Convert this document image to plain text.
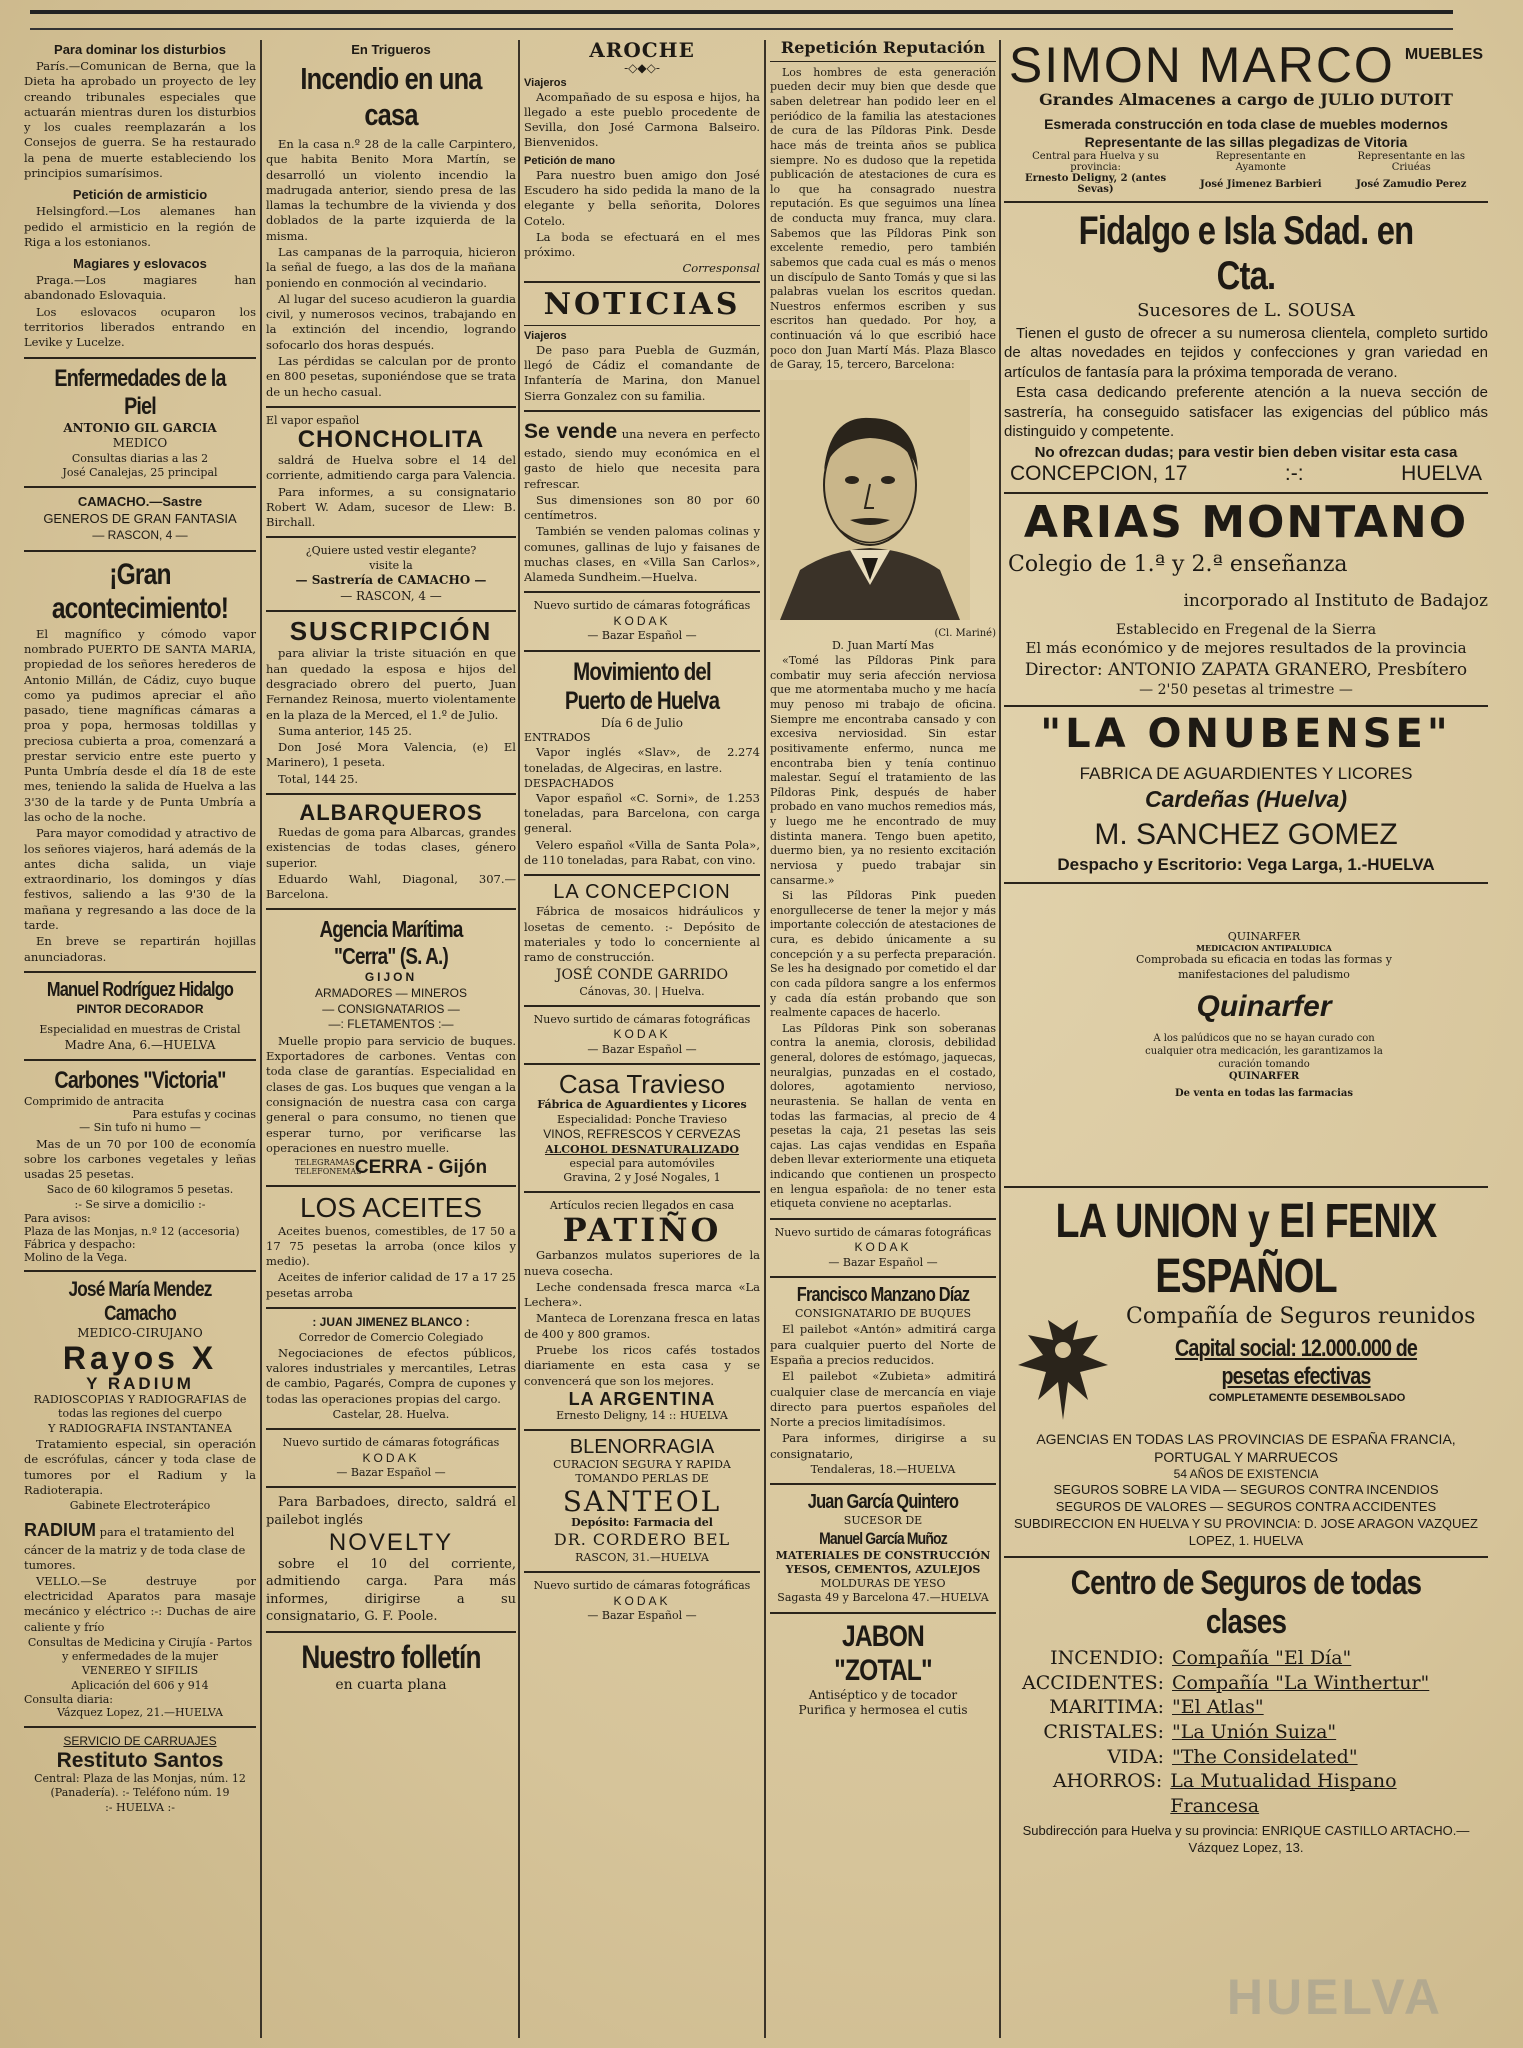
Para dominar los disturbios
París.—Comunican de Berna, que la Dieta ha aprobado un proyecto de ley creando tribunales especiales que actuarán mientras duren los disturbios y los cuales reemplazarán a los Consejos de guerra. Se ha restaurado la pena de muerte estableciendo los principios sumarísimos.
Petición de armisticio
Helsingford.—Los alemanes han pedido el armisticio en la región de Riga a los estonianos.
Magiares y eslovacos
Praga.—Los magiares han abandonado Eslovaquia.
Los eslovacos ocuparon los territorios liberados entrando en Levike y Lucelze.
Enfermedades de la Piel
ANTONIO GIL GARCIA
MEDICO
Consultas diarias a las 2
José Canalejas, 25 principal
CAMACHO.—Sastre
GENEROS DE GRAN FANTASIA
— RASCON, 4 —
¡Gran acontecimiento!
El magnífico y cómodo vapor nombrado PUERTO DE SANTA MARIA, propiedad de los señores herederos de Antonio Millán, de Cádiz, cuyo buque como ya pudimos apreciar el año pasado, tiene magníficas cámaras a proa y popa, hermosas toldillas y preciosa cubierta a proa, comenzará a prestar servicio entre este puerto y Punta Umbría desde el día 18 de este mes, teniendo la salida de Huelva a las 3'30 de la tarde y de Punta Umbría a las ocho de la noche.
Para mayor comodidad y atractivo de los señores viajeros, hará además de la antes dicha salida, un viaje extraordinario, los domingos y días festivos, saliendo a las 9'30 de la mañana y regresando a las doce de la tarde.
En breve se repartirán hojillas anunciadoras.
Manuel Rodríguez Hidalgo
PINTOR DECORADOR
Especialidad en muestras de Cristal
Madre Ana, 6.—HUELVA
Carbones "Victoria"
Comprimido de antracita
Para estufas y cocinas
— Sin tufo ni humo —
Mas de un 70 por 100 de economía sobre los carbones vegetales y leñas usadas 25 pesetas.
Saco de 60 kilogramos 5 pesetas.
:- Se sirve a domicilio :-
Para avisos:
Plaza de las Monjas, n.º 12 (accesoria)
Fábrica y despacho:
Molino de la Vega.
José María Mendez Camacho
MEDICO-CIRUJANO
Rayos X
Y RADIUM
RADIOSCOPIAS Y RADIOGRAFIAS de todas las regiones del cuerpo
Y RADIOGRAFIA INSTANTANEA
Tratamiento especial, sin operación de escrófulas, cáncer y toda clase de tumores por el Radium y la Radioterapia.
Gabinete Electroterápico
RADIUM para el tratamiento del cáncer de la matriz y de toda clase de tumores.
VELLO.—Se destruye por electricidad Aparatos para masaje mecánico y eléctrico :-: Duchas de aire caliente y frío
Consultas de Medicina y Cirujía - Partos y enfermedades de la mujer
VENEREO Y SIFILIS
Aplicación del 606 y 914
Consulta diaria:
Vázquez Lopez, 21.—HUELVA
SERVICIO DE CARRUAJES
Restituto Santos
Central: Plaza de las Monjas, núm. 12 (Panadería). :- Teléfono núm. 19
:- HUELVA :-
En Trigueros
Incendio en una casa
En la casa n.º 28 de la calle Carpintero, que habita Benito Mora Martín, se desarrolló un violento incendio la madrugada anterior, siendo presa de las llamas la techumbre de la vivienda y dos doblados de la parte izquierda de la misma.
Las campanas de la parroquia, hicieron la señal de fuego, a las dos de la mañana poniendo en conmoción al vecindario.
Al lugar del suceso acudieron la guardia civil, y numerosos vecinos, trabajando en la extinción del incendio, logrando sofocarlo dos horas después.
Las pérdidas se calculan por de pronto en 800 pesetas, suponiéndose que se trata de un hecho casual.
El vapor español
CHONCHOLITA
saldrá de Huelva sobre el 14 del corriente, admitiendo carga para Valencia.
Para informes, a su consignatario Robert W. Adam, sucesor de Llew: B. Birchall.
¿Quiere usted vestir elegante?
visite la
— Sastrería de CAMACHO —
— RASCON, 4 —
SUSCRIPCIÓN
para aliviar la triste situación en que han quedado la esposa e hijos del desgraciado obrero del puerto, Juan Fernandez Reinosa, muerto violentamente en la plaza de la Merced, el 1.º de Julio.
Suma anterior, 145 25.
Don José Mora Valencia, (e) El Marinero), 1 peseta.
Total, 144 25.
ALBARQUEROS
Ruedas de goma para Albarcas, grandes existencias de todas clases, género superior.
Eduardo Wahl, Diagonal, 307.—Barcelona.
Agencia Marítima "Cerra" (S. A.)
GIJON
ARMADORES — MINEROS
— CONSIGNATARIOS —
—: FLETAMENTOS :—
Muelle propio para servicio de buques. Exportadores de carbones. Ventas con toda clase de garantías. Especialidad en clases de gas. Los buques que vengan a la consignación de nuestra casa con carga general o para consumo, no tienen que esperar turno, por verificarse las operaciones en nuestro muelle.
TELEGRAMAS TELEFONEMAS
CERRA - Gijón
LOS ACEITES
Aceites buenos, comestibles, de 17 50 a 17 75 pesetas la arroba (once kilos y medio).
Aceites de inferior calidad de 17 a 17 25 pesetas arroba
: JUAN JIMENEZ BLANCO :
Corredor de Comercio Colegiado
Negociaciones de efectos públicos, valores industriales y mercantiles, Letras de cambio, Pagarés, Compra de cupones y todas las operaciones propias del cargo.
Castelar, 28. Huelva.
Nuevo surtido de cámaras fotográficas
KODAK
— Bazar Español —
Para Barbadoes, directo, saldrá el pailebot inglés
NOVELTY
sobre el 10 del corriente, admitiendo carga. Para más informes, dirigirse a su consignatario, G. F. Poole.
Nuestro folletín
en cuarta plana
AROCHE
-◇◆◇-
Viajeros
Acompañado de su esposa e hijos, ha llegado a este pueblo procedente de Sevilla, don José Carmona Balseiro. Bienvenidos.
Petición de mano
Para nuestro buen amigo don José Escudero ha sido pedida la mano de la elegante y bella señorita, Dolores Cotelo.
La boda se efectuará en el mes próximo.
Corresponsal
NOTICIAS
Viajeros
De paso para Puebla de Guzmán, llegó de Cádiz el comandante de Infantería de Marina, don Manuel Sierra Gonzalez con su familia.
Se vende una nevera en perfecto estado, siendo muy económica en el gasto de hielo que necesita para refrescar.
Sus dimensiones son 80 por 60 centímetros.
También se venden palomas colinas y comunes, gallinas de lujo y faisanes de muchas clases, en «Villa San Carlos», Alameda Sundheim.—Huelva.
Nuevo surtido de cámaras fotográficas
KODAK
— Bazar Español —
Movimiento del Puerto de Huelva
Día 6 de Julio
ENTRADOS
Vapor inglés «Slav», de 2.274 toneladas, de Algeciras, en lastre.
DESPACHADOS
Vapor español «C. Sorni», de 1.253 toneladas, para Barcelona, con carga general.
Velero español «Villa de Santa Pola», de 110 toneladas, para Rabat, con vino.
LA CONCEPCION
Fábrica de mosaicos hidráulicos y losetas de cemento. :- Depósito de materiales y todo lo concerniente al ramo de construcción.
JOSÉ CONDE GARRIDO
Cánovas, 30. | Huelva.
Nuevo surtido de cámaras fotográficas
KODAK
— Bazar Español —
Casa Travieso
Fábrica de Aguardientes y Licores
Especialidad: Ponche Travieso
VINOS, REFRESCOS Y CERVEZAS
ALCOHOL DESNATURALIZADO
especial para automóviles
Gravina, 2 y José Nogales, 1
Artículos recien llegados en casa
PATIÑO
Garbanzos mulatos superiores de la nueva cosecha.
Leche condensada fresca marca «La Lechera».
Manteca de Lorenzana fresca en latas de 400 y 800 gramos.
Pruebe los ricos cafés tostados diariamente en esta casa y se convencerá que son los mejores.
LA ARGENTINA
Ernesto Deligny, 14 :: HUELVA
BLENORRAGIA
CURACION SEGURA Y RAPIDA
TOMANDO PERLAS DE
SANTEOL
Depósito: Farmacia del
DR. CORDERO BEL
RASCON, 31.—HUELVA
Nuevo surtido de cámaras fotográficas
KODAK
— Bazar Español —
Repetición Reputación
Los hombres de esta generación pueden decir muy bien que desde que saben deletrear han podido leer en el periódico de la familia las atestaciones de cura de las Píldoras Pink. Desde hace más de treinta años se publica siempre. No es dudoso que la repetida publicación de atestaciones de cura es lo que ha consagrado nuestra reputación. Es que seguimos una línea de conducta muy franca, muy clara. Sabemos que las Píldoras Pink son excelente remedio, pero también sabemos que cada cual es más o menos un discípulo de Santo Tomás y que si las palabras vuelan los escritos quedan. Nuestros enfermos escriben y sus escritos han quedado. Por hoy, a continuación vá lo que escribió hace poco don Juan Martí Más. Plaza Blasco de Garay, 15, tercero, Barcelona:
(Cl. Mariné)
D. Juan Martí Mas
«Tomé las Píldoras Pink para combatir muy seria afección nerviosa que me atormentaba mucho y me hacía muy penoso mi trabajo de oficina. Siempre me encontraba cansado y con excesiva nerviosidad. Sin estar positivamente enfermo, nunca me encontraba bien y tenía continuo malestar. Seguí el tratamiento de las Píldoras Pink, después de haber probado en vano muchos remedios más, y luego me he encontrado de muy distinta manera. Tengo buen apetito, duermo bien, ya no resiento excitación nerviosa y puedo trabajar sin cansarme.»
Si las Píldoras Pink pueden enorgullecerse de tener la mejor y más importante colección de atestaciones de cura, es debido únicamente a su concepción y a su perfecta preparación. Se les ha designado por cometido el dar con cada píldora sangre a los enfermos y cada día están probando que son realmente capaces de hacerlo.
Las Píldoras Pink son soberanas contra la anemia, clorosis, debilidad general, dolores de estómago, jaquecas, neuralgias, punzadas en el costado, dolores, agotamiento nervioso, neurastenia. Se hallan de venta en todas las farmacias, al precio de 4 pesetas la caja, 21 pesetas las seis cajas. Las cajas vendidas en España deben llevar exteriormente una etiqueta indicando que contienen un prospecto en lengua española: de no tener esta etiqueta conviene no aceptarlas.
Nuevo surtido de cámaras fotográficas
KODAK
— Bazar Español —
Francisco Manzano Díaz
CONSIGNATARIO DE BUQUES
El pailebot «Antón» admitirá carga para cualquier puerto del Norte de España a precios reducidos.
El pailebot «Zubieta» admitirá cualquier clase de mercancía en viaje directo para puertos españoles del Norte a precios limitadísimos.
Para informes, dirigirse a su consignatario,
Tendaleras, 18.—HUELVA
Juan García Quintero
SUCESOR DE
Manuel García Muñoz
MATERIALES DE CONSTRUCCIÓN
YESOS, CEMENTOS, AZULEJOS
MOLDURAS DE YESO
Sagasta 49 y Barcelona 47.—HUELVA
JABON "ZOTAL"
Antiséptico y de tocador
Purifica y hermosea el cutis
SIMON MARCO MUEBLES
Grandes Almacenes a cargo de JULIO DUTOIT
Esmerada construcción en toda clase de muebles modernos
Representante de las sillas plegadizas de Vitoria
Central para Huelva y su provincia:	Representante en Ayamonte	Representante en las Criuéas
Ernesto Deligny, 2 (antes Sevas)	José Jimenez Barbieri	José Zamudio Perez
Fidalgo e Isla Sdad. en Cta.
Sucesores de L. SOUSA
Tienen el gusto de ofrecer a su numerosa clientela, completo surtido de altas novedades en tejidos y confecciones y gran variedad en artículos de fantasía para la próxima temporada de verano.
Esta casa dedicando preferente atención a la nueva sección de sastrería, ha conseguido satisfacer las exigencias del público más distinguido y competente.
No ofrezcan dudas; para vestir bien deben visitar esta casa
CONCEPCION, 17	:-:	HUELVA
ARIAS MONTANO
Colegio de 1.ª y 2.ª enseñanza
incorporado al Instituto de Badajoz
Establecido en Fregenal de la Sierra
El más económico y de mejores resultados de la provincia
Director: ANTONIO ZAPATA GRANERO, Presbítero
— 2'50 pesetas al trimestre —
"LA ONUBENSE"
FABRICA DE AGUARDIENTES Y LICORES
Cardeñas (Huelva)
M. SANCHEZ GOMEZ
Despacho y Escritorio: Vega Larga, 1.-HUELVA
QUINARFER
MEDICACION ANTIPALUDICA
Comprobada su eficacia en todas las formas y manifestaciones del paludismo
Quinarfer
A los palúdicos que no se hayan curado con cualquier otra medicación, les garantizamos la curación tomando
QUINARFER
De venta en todas las farmacias
LA UNION y El FENIX ESPAÑOL
Compañía de Seguros reunidos
Capital social: 12.000.000 de pesetas efectivas
COMPLETAMENTE DESEMBOLSADO
AGENCIAS EN TODAS LAS PROVINCIAS DE ESPAÑA FRANCIA, PORTUGAL Y MARRUECOS
54 AÑOS DE EXISTENCIA
SEGUROS SOBRE LA VIDA — SEGUROS CONTRA INCENDIOS
SEGUROS DE VALORES — SEGUROS CONTRA ACCIDENTES
SUBDIRECCION EN HUELVA Y SU PROVINCIA: D. JOSE ARAGON VAZQUEZ LOPEZ, 1. HUELVA
Centro de Seguros de todas clases
INCENDIO: Compañía "El Día"
ACCIDENTES: Compañía "La Winthertur"
MARITIMA: "El Atlas"
CRISTALES: "La Unión Suiza"
VIDA: "The Considelated"
AHORROS: La Mutualidad Hispano Francesa
Subdirección para Huelva y su provincia: ENRIQUE CASTILLO ARTACHO.—Vázquez Lopez, 13.
HUELVA
